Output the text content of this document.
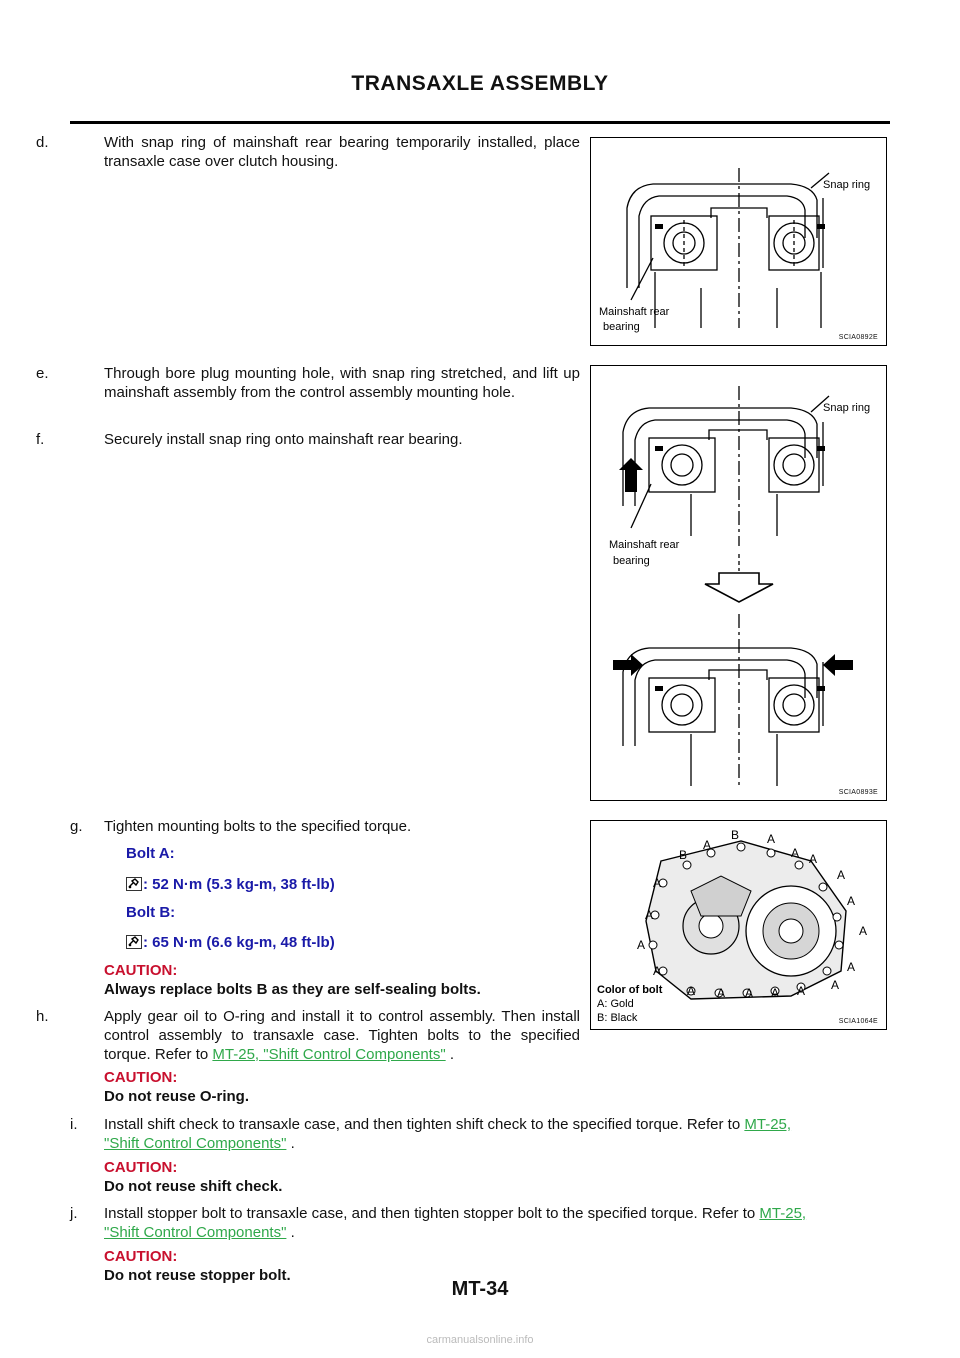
TRANSAXLE ASSEMBLY
d.	With snap ring of mainshaft rear bearing temporarily installed, place transaxle case over clutch housing.
e.	Through bore plug mounting hole, with snap ring stretched, and lift up mainshaft assembly from the control assembly mounting hole.
f.	Securely install snap ring onto mainshaft rear bearing.
g. Tighten mounting bolts to the specified torque.
Bolt A:
: 52 N·m (5.3 kg-m, 38 ft-lb)
Bolt B:
: 65 N·m (6.6 kg-m, 48 ft-lb)
CAUTION:
Always replace bolts B as they are self-sealing bolts.
h.	Apply gear oil to O-ring and install it to control assembly. Then install control assembly to transaxle case. Tighten bolts to the specified torque. Refer to MT-25, "Shift Control Components" .
CAUTION:
Do not reuse O-ring.
i. Install shift check to transaxle case, and then tighten shift check to the specified torque. Refer to MT-25,
"Shift Control Components" .
CAUTION:
Do not reuse shift check.
j. Install stopper bolt to transaxle case, and then tighten stopper bolt to the specified torque. Refer to MT-25,
"Shift Control Components" .
CAUTION:
Do not reuse stopper bolt.
Snap ring
Mainshaft rear
bearing
SCIA0892E
Snap ring
Mainshaft rear
bearing
SCIA0893E
B
B
A	A
A A
A
A
A
A
A
A
A
A
A
A A A A A
Color of bolt
A: Gold
B: Black	SCIA1064E
MT-34
carmanualsonline.info
